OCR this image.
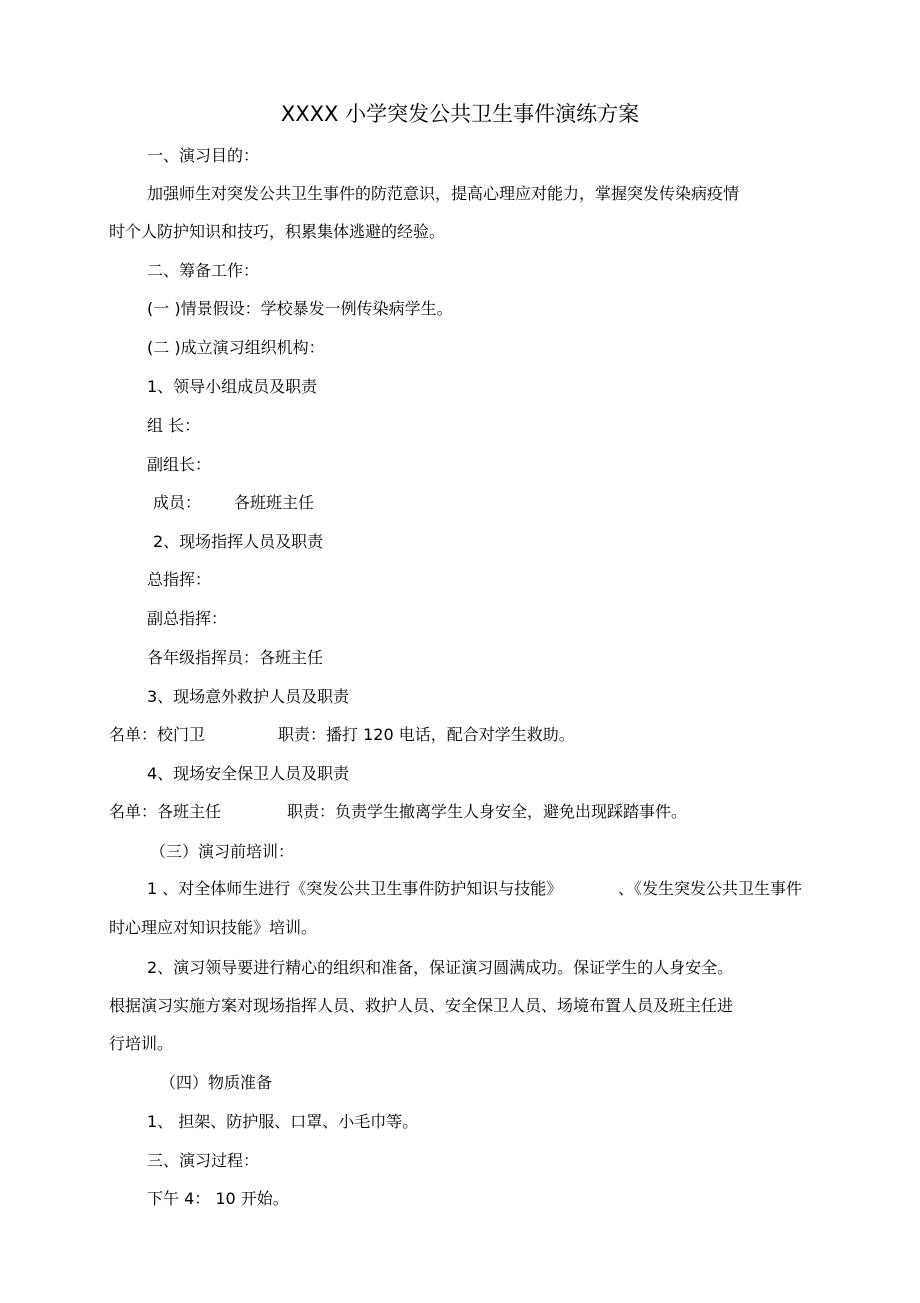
XXXX 小学突发公共卫生事件演练方案
一、演习目的：
加强师生对突发公共卫生事件的防范意识，提高心理应对能力，掌握突发传染病疫情
时个人防护知识和技巧，积累集体逃避的经验。
二、筹备工作：
(一 )情景假设：学校暴发一例传染病学生。
(二 )成立演习组织机构：
1、领导小组成员及职责
组 长：
副组长：
成员： 各班班主任
2、现场指挥人员及职责
总指挥：
副总指挥：
各年级指挥员：各班主任
3、现场意外救护人员及职责
名单：校门卫	职责：播打 120 电话，配合对学生救助。
4、现场安全保卫人员及职责
名单：各班主任	职责：负责学生撤离学生人身安全，避免出现踩踏事件。
（三）演习前培训：
1 、对全体师生进行《突发公共卫生事件防护知识与技能》	、《发生突发公共卫生事件
时心理应对知识技能》培训。
2、演习领导要进行精心的组织和准备，保证演习圆满成功。保证学生的人身安全。
根据演习实施方案对现场指挥人员、救护人员、安全保卫人员、场境布置人员及班主任进
行培训。
（四）物质准备
1、 担架、防护服、口罩、小毛巾等。
三、演习过程：
下午 4： 10 开始。
